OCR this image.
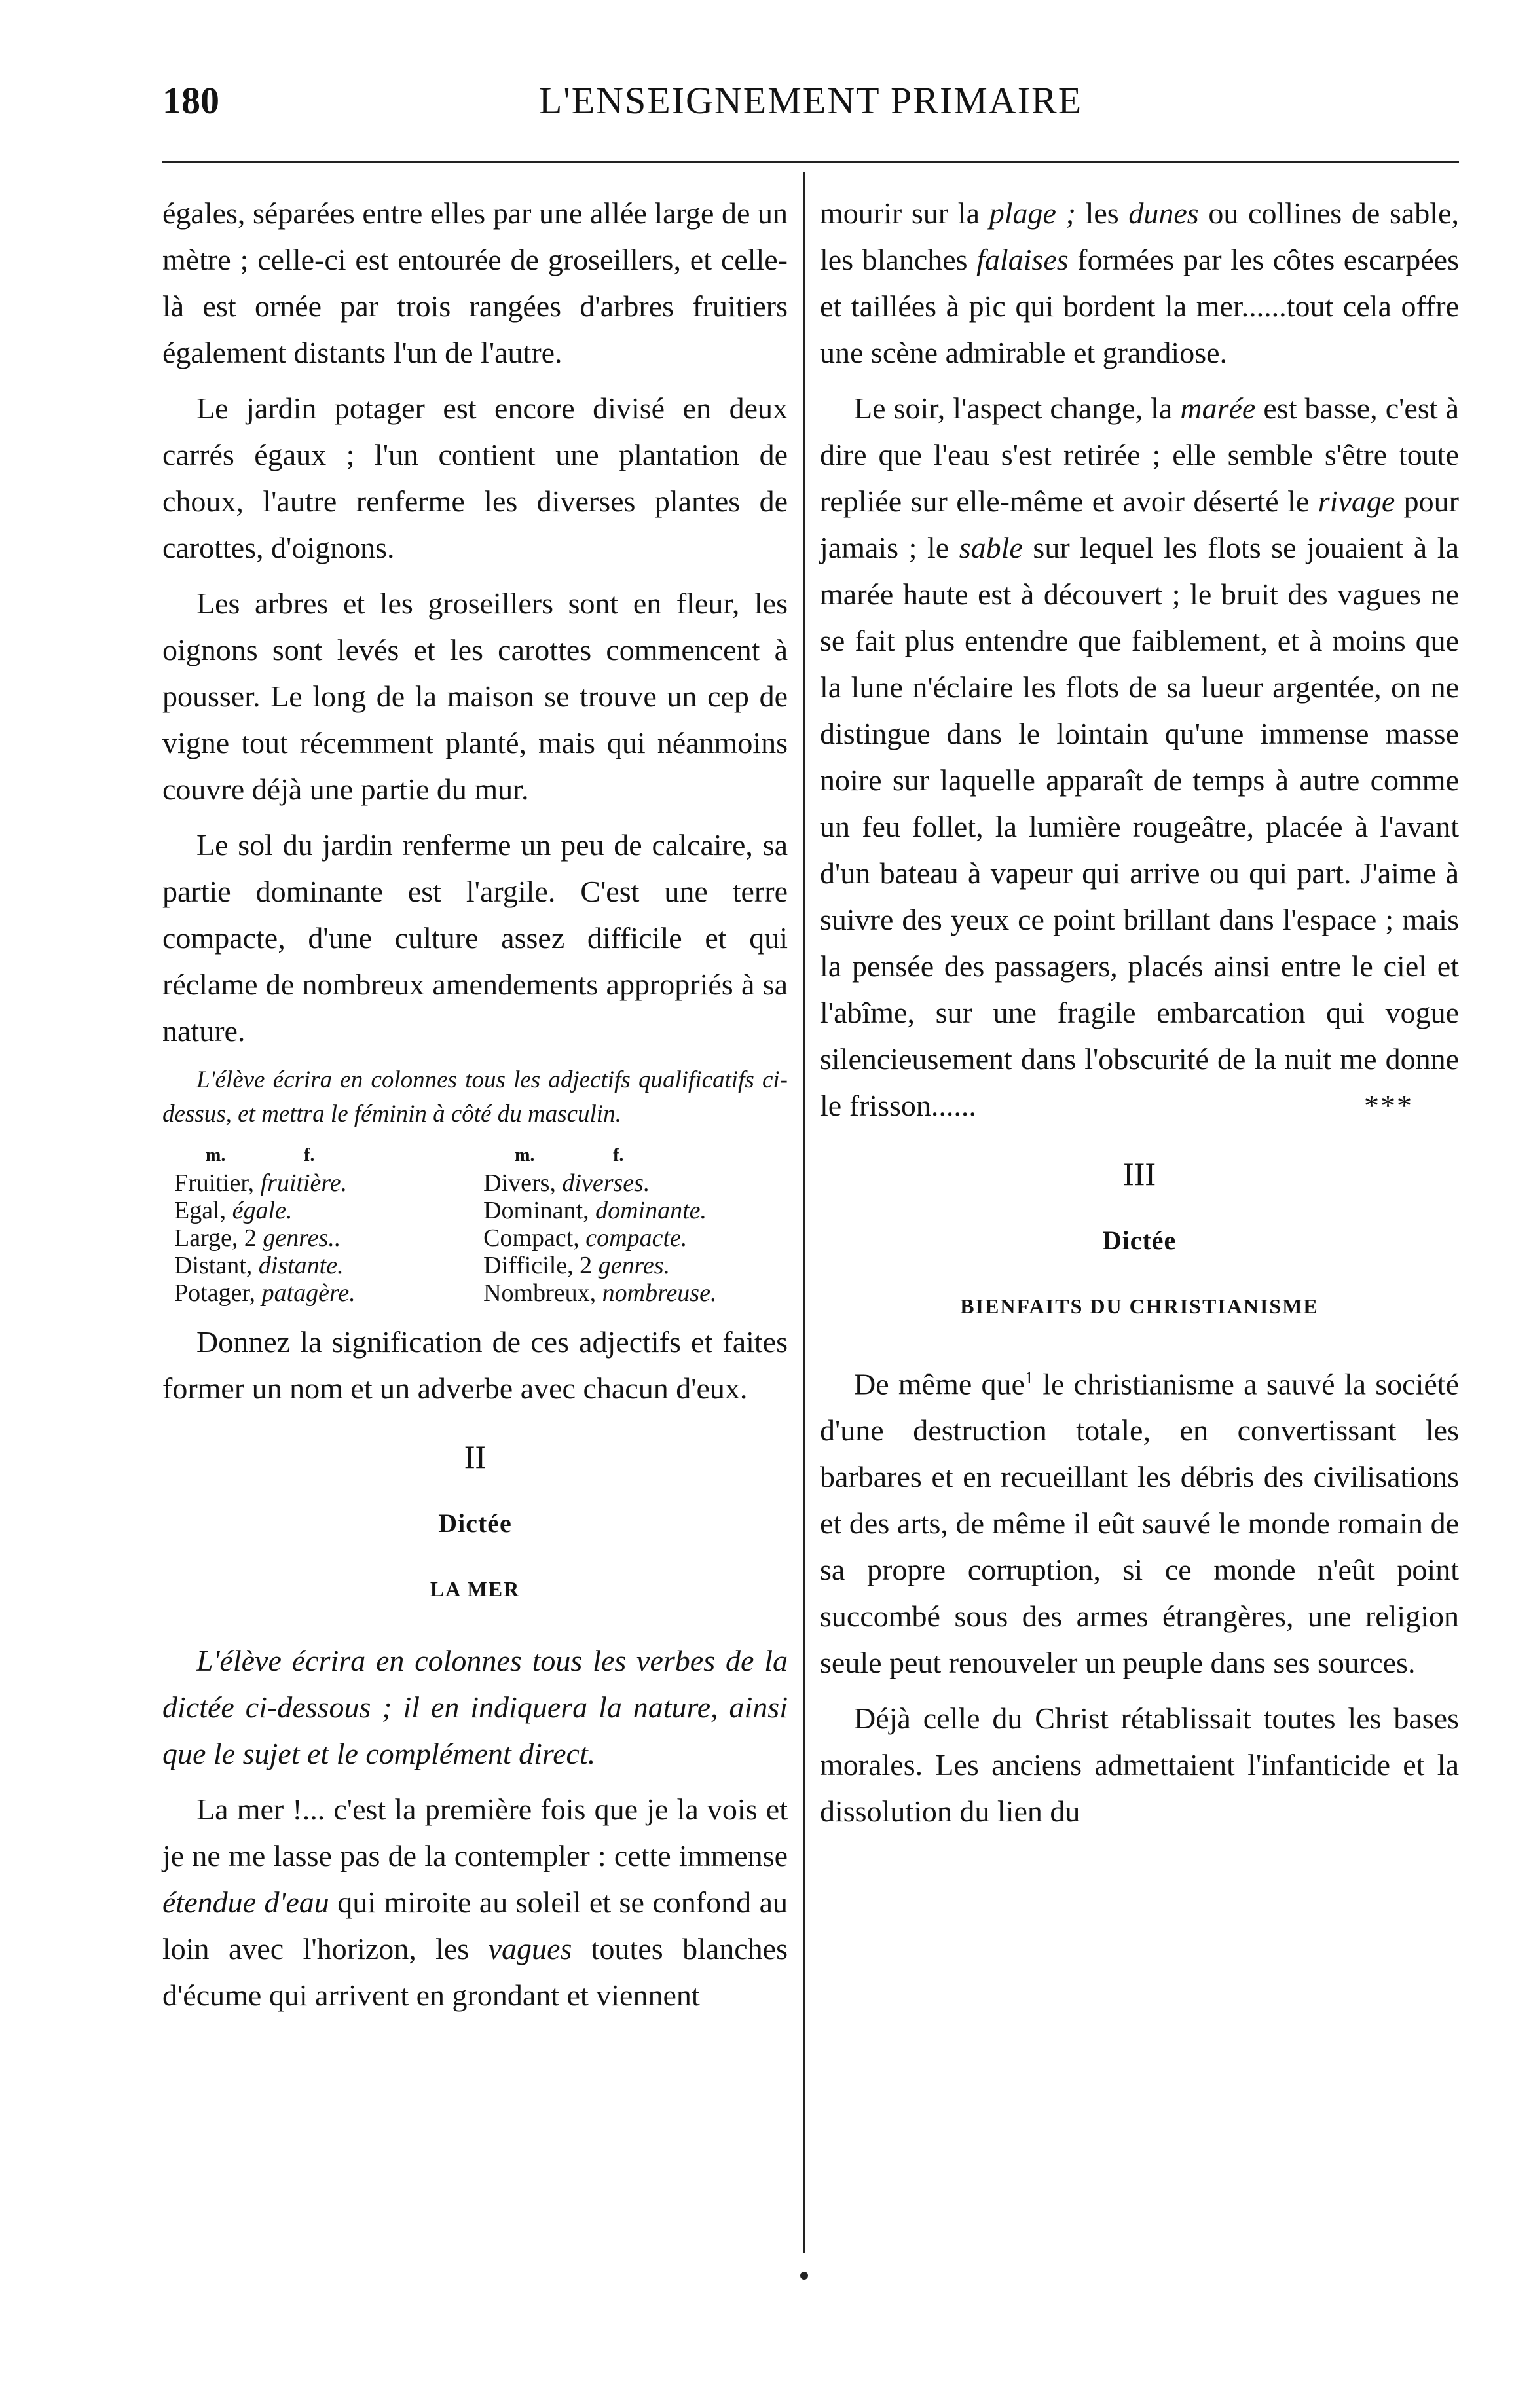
180	L'ENSEIGNEMENT PRIMAIRE

égales, séparées entre elles par une allée large de un mètre ; celle-ci est entourée de groseillers, et celle-là est ornée par trois rangées d'arbres fruitiers également distants l'un de l'autre.

Le jardin potager est encore divisé en deux carrés égaux ; l'un contient une plantation de choux, l'autre renferme les diverses plantes de carottes, d'oignons.

Les arbres et les groseillers sont en fleur, les oignons sont levés et les carottes commencent à pousser. Le long de la maison se trouve un cep de vigne tout récemment planté, mais qui néanmoins couvre déjà une partie du mur.

Le sol du jardin renferme un peu de calcaire, sa partie dominante est l'argile. C'est une terre compacte, d'une culture assez difficile et qui réclame de nombreux amendements appropriés à sa nature.

L'élève écrira en colonnes tous les adjectifs qualificatifs ci-dessus, et mettra le féminin à côté du masculin.

m. f.	m. f.
Fruitier, fruitière.	Divers, diverses.
Egal, égale.	Dominant, dominante.
Large, 2 genres..	Compact, compacte.
Distant, distante.	Difficile, 2 genres.
Potager, patagère.	Nombreux, nombreuse.

Donnez la signification de ces adjectifs et faites former un nom et un adverbe avec chacun d'eux.

II
Dictée
LA MER

L'élève écrira en colonnes tous les verbes de la dictée ci-dessous ; il en indiquera la nature, ainsi que le sujet et le complément direct.

La mer !... c'est la première fois que je la vois et je ne me lasse pas de la contempler : cette immense étendue d'eau qui miroite au soleil et se confond au loin avec l'horizon, les vagues toutes blanches d'écume qui arrivent en grondant et viennent

mourir sur la plage ; les dunes ou collines de sable, les blanches falaises formées par les côtes escarpées et taillées à pic qui bordent la mer......tout cela offre une scène admirable et grandiose.

Le soir, l'aspect change, la marée est basse, c'est à dire que l'eau s'est retirée ; elle semble s'être toute repliée sur elle-même et avoir déserté le rivage pour jamais ; le sable sur lequel les flots se jouaient à la marée haute est à découvert ; le bruit des vagues ne se fait plus entendre que faiblement, et à moins que la lune n'éclaire les flots de sa lueur argentée, on ne distingue dans le lointain qu'une immense masse noire sur laquelle apparaît de temps à autre comme un feu follet, la lumière rougeâtre, placée à l'avant d'un bateau à vapeur qui arrive ou qui part. J'aime à suivre des yeux ce point brillant dans l'espace ; mais la pensée des passagers, placés ainsi entre le ciel et l'abîme, sur une fragile embarcation qui vogue silencieusement dans l'obscurité de la nuit me donne le frisson......	***

III
Dictée
BIENFAITS DU CHRISTIANISME

De même que$^1$ le christianisme a sauvé la société d'une destruction totale, en convertissant les barbares et en recueillant les débris des civilisations et des arts, de même il eût sauvé le monde romain de sa propre corruption, si ce monde n'eût point succombé sous des armes étrangères, une religion seule peut renouveler un peuple dans ses sources.

Déjà celle du Christ rétablissait toutes les bases morales. Les anciens admettaient l'infanticide et la dissolution du lien du
